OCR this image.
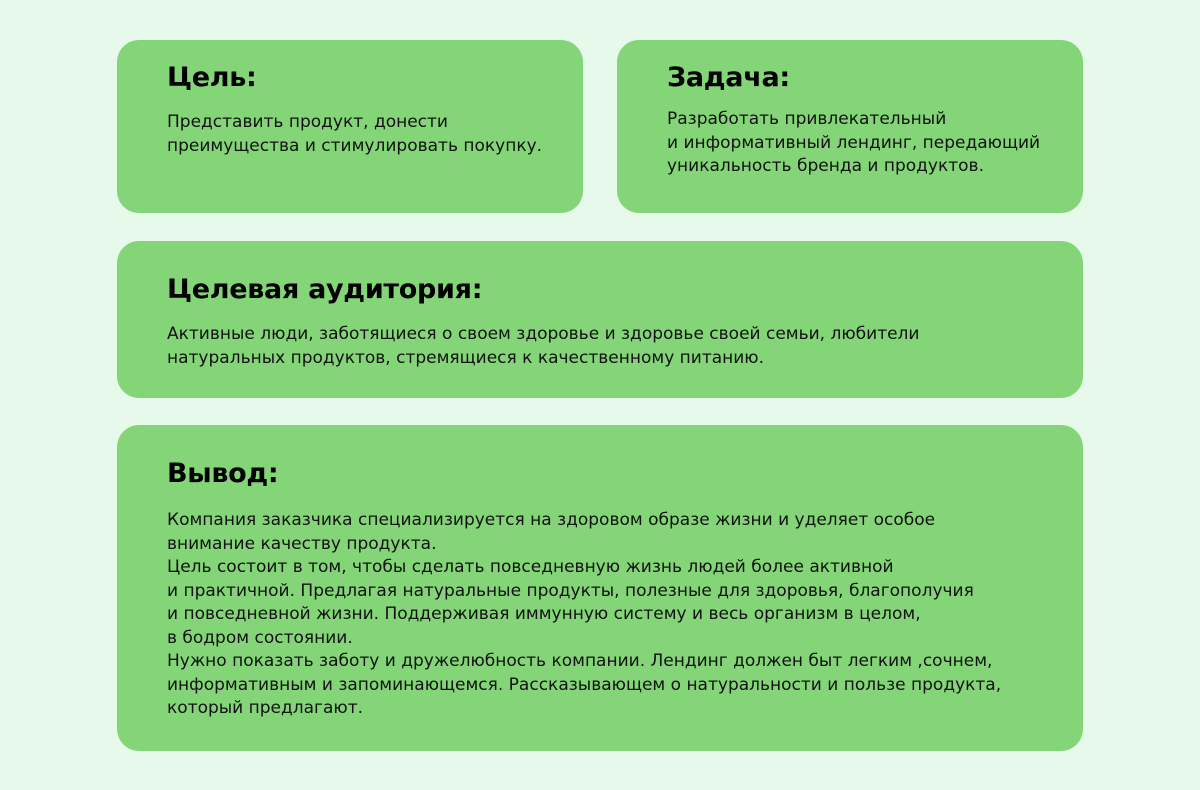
Цель:
Представить продукт, донести
преимущества и стимулировать покупку.
Задача:
Разработать привлекательный
и информативный лендинг, передающий
уникальность бренда и продуктов.
Целевая аудитория:
Активные люди, заботящиеся о своем здоровье и здоровье своей семьи, любители
натуральных продуктов, стремящиеся к качественному питанию.
Вывод:
Компания заказчика специализируется на здоровом образе жизни и уделяет особое
внимание качеству продукта.
Цель состоит в том, чтобы сделать повседневную жизнь людей более активной
и практичной. Предлагая натуральные продукты, полезные для здоровья, благополучия
и повседневной жизни. Поддерживая иммунную систему и весь организм в целом,
в бодром состоянии.
Нужно показать заботу и дружелюбность компании. Лендинг должен быт легким ,сочнем,
информативным и запоминающемся. Рассказывающем о натуральности и пользе продукта,
который предлагают.
